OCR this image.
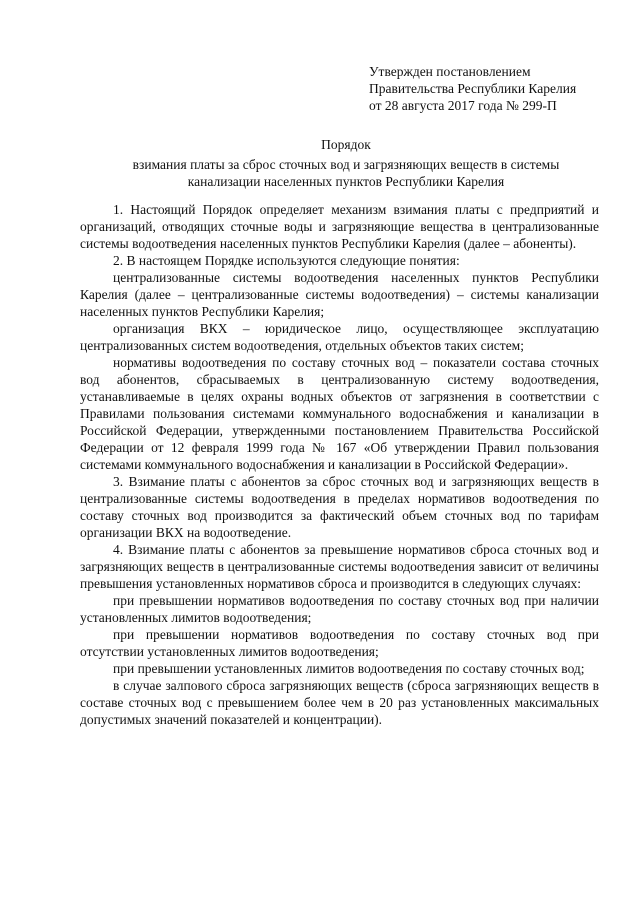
Утвержден постановлением
Правительства Республики Карелия
от 28 августа 2017 года № 299-П
Порядок
взимания платы за сброс сточных вод и загрязняющих веществ в системы
канализации населенных пунктов Республики Карелия

1. Настоящий Порядок определяет механизм взимания платы с предприятий и организаций, отводящих сточные воды и загрязняющие вещества в централизованные системы водоотведения населенных пунктов Республики Карелия (далее – абоненты).

2. В настоящем Порядке используются следующие понятия:

централизованные системы водоотведения населенных пунктов Республики Карелия (далее – централизованные системы водоотведения) – системы канализации населенных пунктов Республики Карелия;

организация ВКХ – юридическое лицо, осуществляющее эксплуатацию централизованных систем водоотведения, отдельных объектов таких систем;

нормативы водоотведения по составу сточных вод – показатели состава сточных вод абонентов, сбрасываемых в централизованную систему водоотведения, устанавливаемые в целях охраны водных объектов от загрязнения в соответствии с Правилами пользования системами коммунального водоснабжения и канализации в Российской Федерации, утвержденными постановлением Правительства Российской Федерации от 12 февраля 1999 года № 167 «Об утверждении Правил пользования системами коммунального водоснабжения и канализации в Российской Федерации».

3. Взимание платы с абонентов за сброс сточных вод и загрязняющих веществ в централизованные системы водоотведения в пределах нормативов водоотведения по составу сточных вод производится за фактический объем сточных вод по тарифам организации ВКХ на водоотведение.

4. Взимание платы с абонентов за превышение нормативов сброса сточных вод и загрязняющих веществ в централизованные системы водоотведения зависит от величины превышения установленных нормативов сброса и производится в следующих случаях:

при превышении нормативов водоотведения по составу сточных вод при наличии установленных лимитов водоотведения;

при превышении нормативов водоотведения по составу сточных вод при отсутствии установленных лимитов водоотведения;

при превышении установленных лимитов водоотведения по составу сточных вод;

в случае залпового сброса загрязняющих веществ (сброса загрязняющих веществ в составе сточных вод с превышением более чем в 20 раз установленных максимальных допустимых значений показателей и концентрации).
